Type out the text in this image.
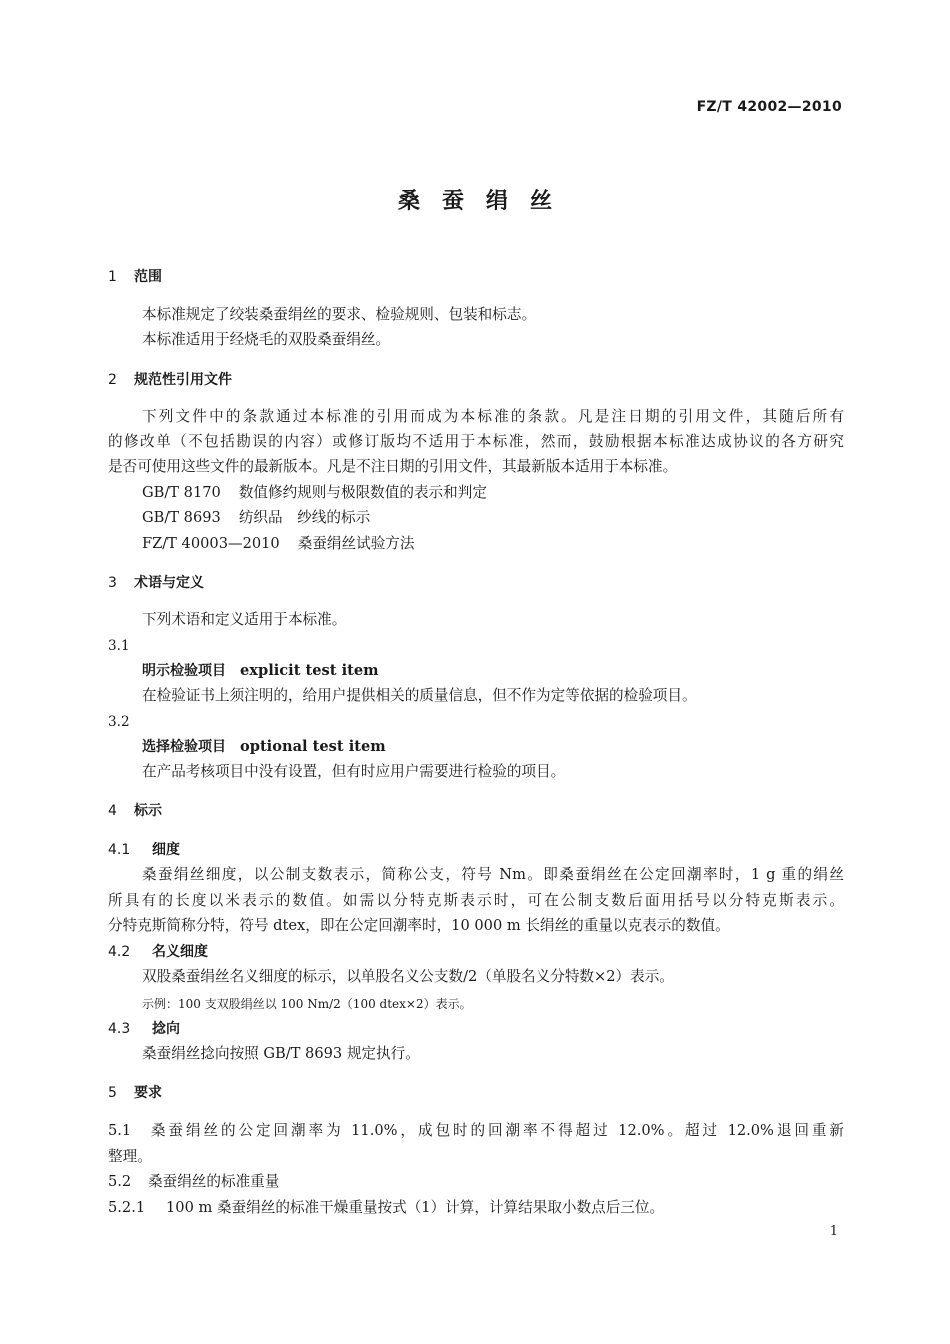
FZ/T 42002—2010
桑蚕绢丝
1 范围
本标准规定了绞装桑蚕绢丝的要求、检验规则、包装和标志。
本标准适用于经烧毛的双股桑蚕绢丝。
2 规范性引用文件
下列文件中的条款通过本标准的引用而成为本标准的条款。凡是注日期的引用文件，其随后所有
的修改单（不包括勘误的内容）或修订版均不适用于本标准，然而，鼓励根据本标准达成协议的各方研究
是否可使用这些文件的最新版本。凡是不注日期的引用文件，其最新版本适用于本标准。
GB/T 8170 数值修约规则与极限数值的表示和判定
GB/T 8693 纺织品　纱线的标示
FZ/T 40003—2010 桑蚕绢丝试验方法
3 术语与定义
下列术语和定义适用于本标准。
3.1
明示检验项目 explicit test item
在检验证书上须注明的，给用户提供相关的质量信息，但不作为定等依据的检验项目。
3.2
选择检验项目 optional test item
在产品考核项目中没有设置，但有时应用户需要进行检验的项目。
4 标示
4.1 细度
桑蚕绢丝细度，以公制支数表示，简称公支，符号 Nm。即桑蚕绢丝在公定回潮率时，1 g 重的绢丝
所具有的长度以米表示的数值。如需以分特克斯表示时，可在公制支数后面用括号以分特克斯表示。
分特克斯简称分特，符号 dtex，即在公定回潮率时，10 000 m 长绢丝的重量以克表示的数值。
4.2 名义细度
双股桑蚕绢丝名义细度的标示，以单股名义公支数/2（单股名义分特数×2）表示。
示例：100 支双股绢丝以 100 Nm/2（100 dtex×2）表示。
4.3 捻向
桑蚕绢丝捻向按照 GB/T 8693 规定执行。
5 要求
5.1 桑蚕绢丝的公定回潮率为 11.0%，成包时的回潮率不得超过 12.0%。超过 12.0%退回重新
整理。
5.2 桑蚕绢丝的标准重量
5.2.1 100 m 桑蚕绢丝的标准干燥重量按式（1）计算，计算结果取小数点后三位。
1
